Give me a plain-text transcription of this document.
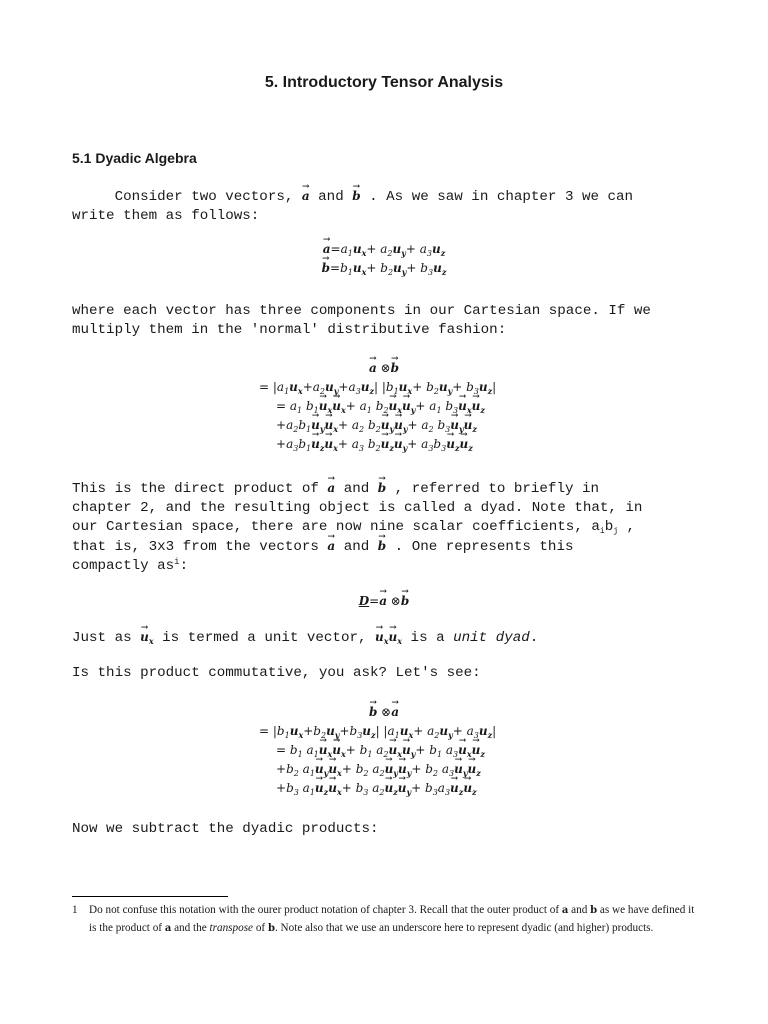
5. Introductory Tensor Analysis
5.1 Dyadic Algebra
Consider two vectors, → a and → b . As we saw in chapter 3 we can
write them as follows:
→ $a=a_1u_x+ a_2u_y+ a_3u_z$
→ $b=b_1u_x+ b_2u_y+ b_3u_z$
where each vector has three components in our Cartesian space. If we
multiply them in the 'normal' distributive fashion:
→ a ⊗→ b
= $|a_1u_x+a_2u_y+a_3u_z|$ $|b_1u_x+ b_2u_y+ b_3u_z|$
= $a_1$ $b_1\to u_x\to u_x+ a_1$ $b_2\to u_x\to u_y+ a_1$ $b_3\to u_x\to u_z$
$+a_2b_1\to u_y\to u_x+ a_2$ $b_2\to u_y\to u_y+ a_2$ $b_3\to u_y\to u_z$
$+a_3b_1\to u_z\to u_x+ a_3$ $b_2\to u_z\to u_y+ a_3b_3\to u_z\to u_z$
This is the direct product of → a and → b , referred to briefly in
chapter 2, and the resulting object is called a dyad. Note that, in
our Cartesian space, there are now nine scalar coefficients, $a_ib_j$ ,
that is, 3x3 from the vectors → a and → b . One represents this
compactly $as^i$:
D=→ a ⊗→ b
Just as → $u_x$ is termed a unit vector, → $u_x\to u_x$ is a unit dyad.
Is this product commutative, you ask? Let's see:
→ b ⊗→ a
= $|b_1u_x+b_2u_y+b_3u_z|$ $|a_1u_x+ a_2u_y+ a_3u_z|$
= $b_1$ $a_1\to u_x\to u_x+ b_1$ $a_2\to u_x\to u_y+ b_1$ $a_3\to u_x\to u_z$
$+b_2$ $a_1\to u_y\to u_x+ b_2$ $a_2\to u_y\to u_y+ b_2$ $a_3\to u_y\to u_z$
$+b_3$ $a_1\to u_z\to u_x+ b_3$ $a_2\to u_z\to u_y+ b_3a_3\to u_z\to u_z$
Now we subtract the dyadic products:
1	Do not confuse this notation with the ourer product notation of chapter 3. Recall that the outer product of a and b as we have defined it is the product of a and the transpose of b. Note also that we use an underscore here to represent dyadic (and higher) products.
